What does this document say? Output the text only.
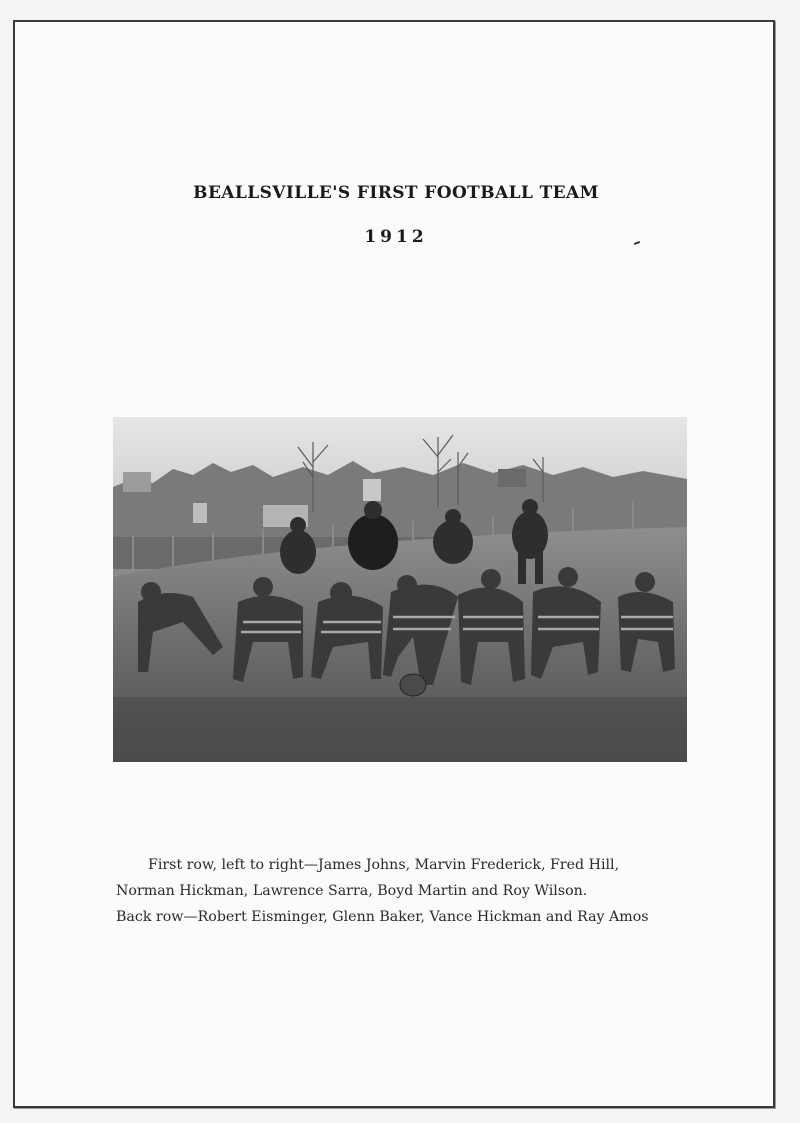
BEALLSVILLE'S FIRST FOOTBALL TEAM
1912

First row, left to right—James Johns, Marvin Frederick, Fred Hill,

Norman Hickman, Lawrence Sarra, Boyd Martin and Roy Wilson.

Back row—Robert Eisminger, Glenn Baker, Vance Hickman and Ray Amos
